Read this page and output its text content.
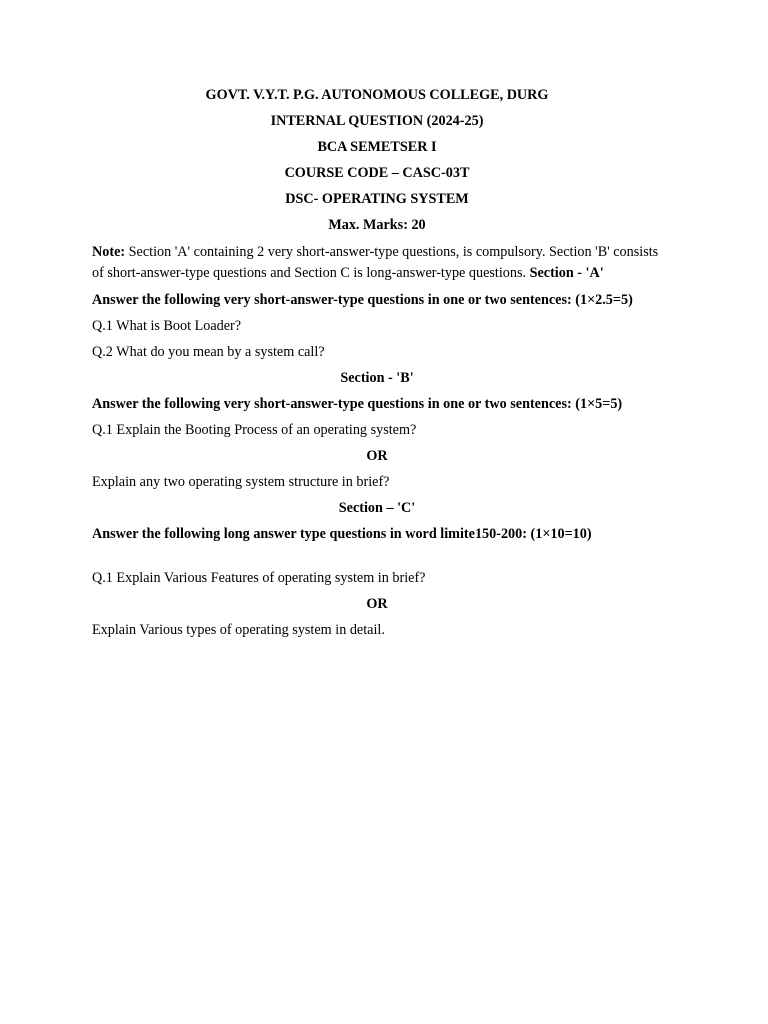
GOVT. V.Y.T. P.G. AUTONOMOUS COLLEGE, DURG
INTERNAL QUESTION (2024-25)
BCA SEMETSER I
COURSE CODE – CASC-03T
DSC- OPERATING SYSTEM
Max. Marks: 20
Note: Section 'A' containing 2 very short-answer-type questions, is compulsory. Section 'B' consists of short-answer-type questions and Section C is long-answer-type questions. Section - 'A'
Answer the following very short-answer-type questions in one or two sentences: (1×2.5=5)
Q.1 What is Boot Loader?
Q.2 What do you mean by a system call?
Section - 'B'
Answer the following very short-answer-type questions in one or two sentences: (1×5=5)
Q.1 Explain the Booting Process of an operating system?
OR
Explain any two operating system structure in brief?
Section – 'C'
Answer the following long answer type questions in word limite150-200: (1×10=10)
Q.1 Explain Various Features of operating system in brief?
OR
Explain Various types of operating system in detail.
